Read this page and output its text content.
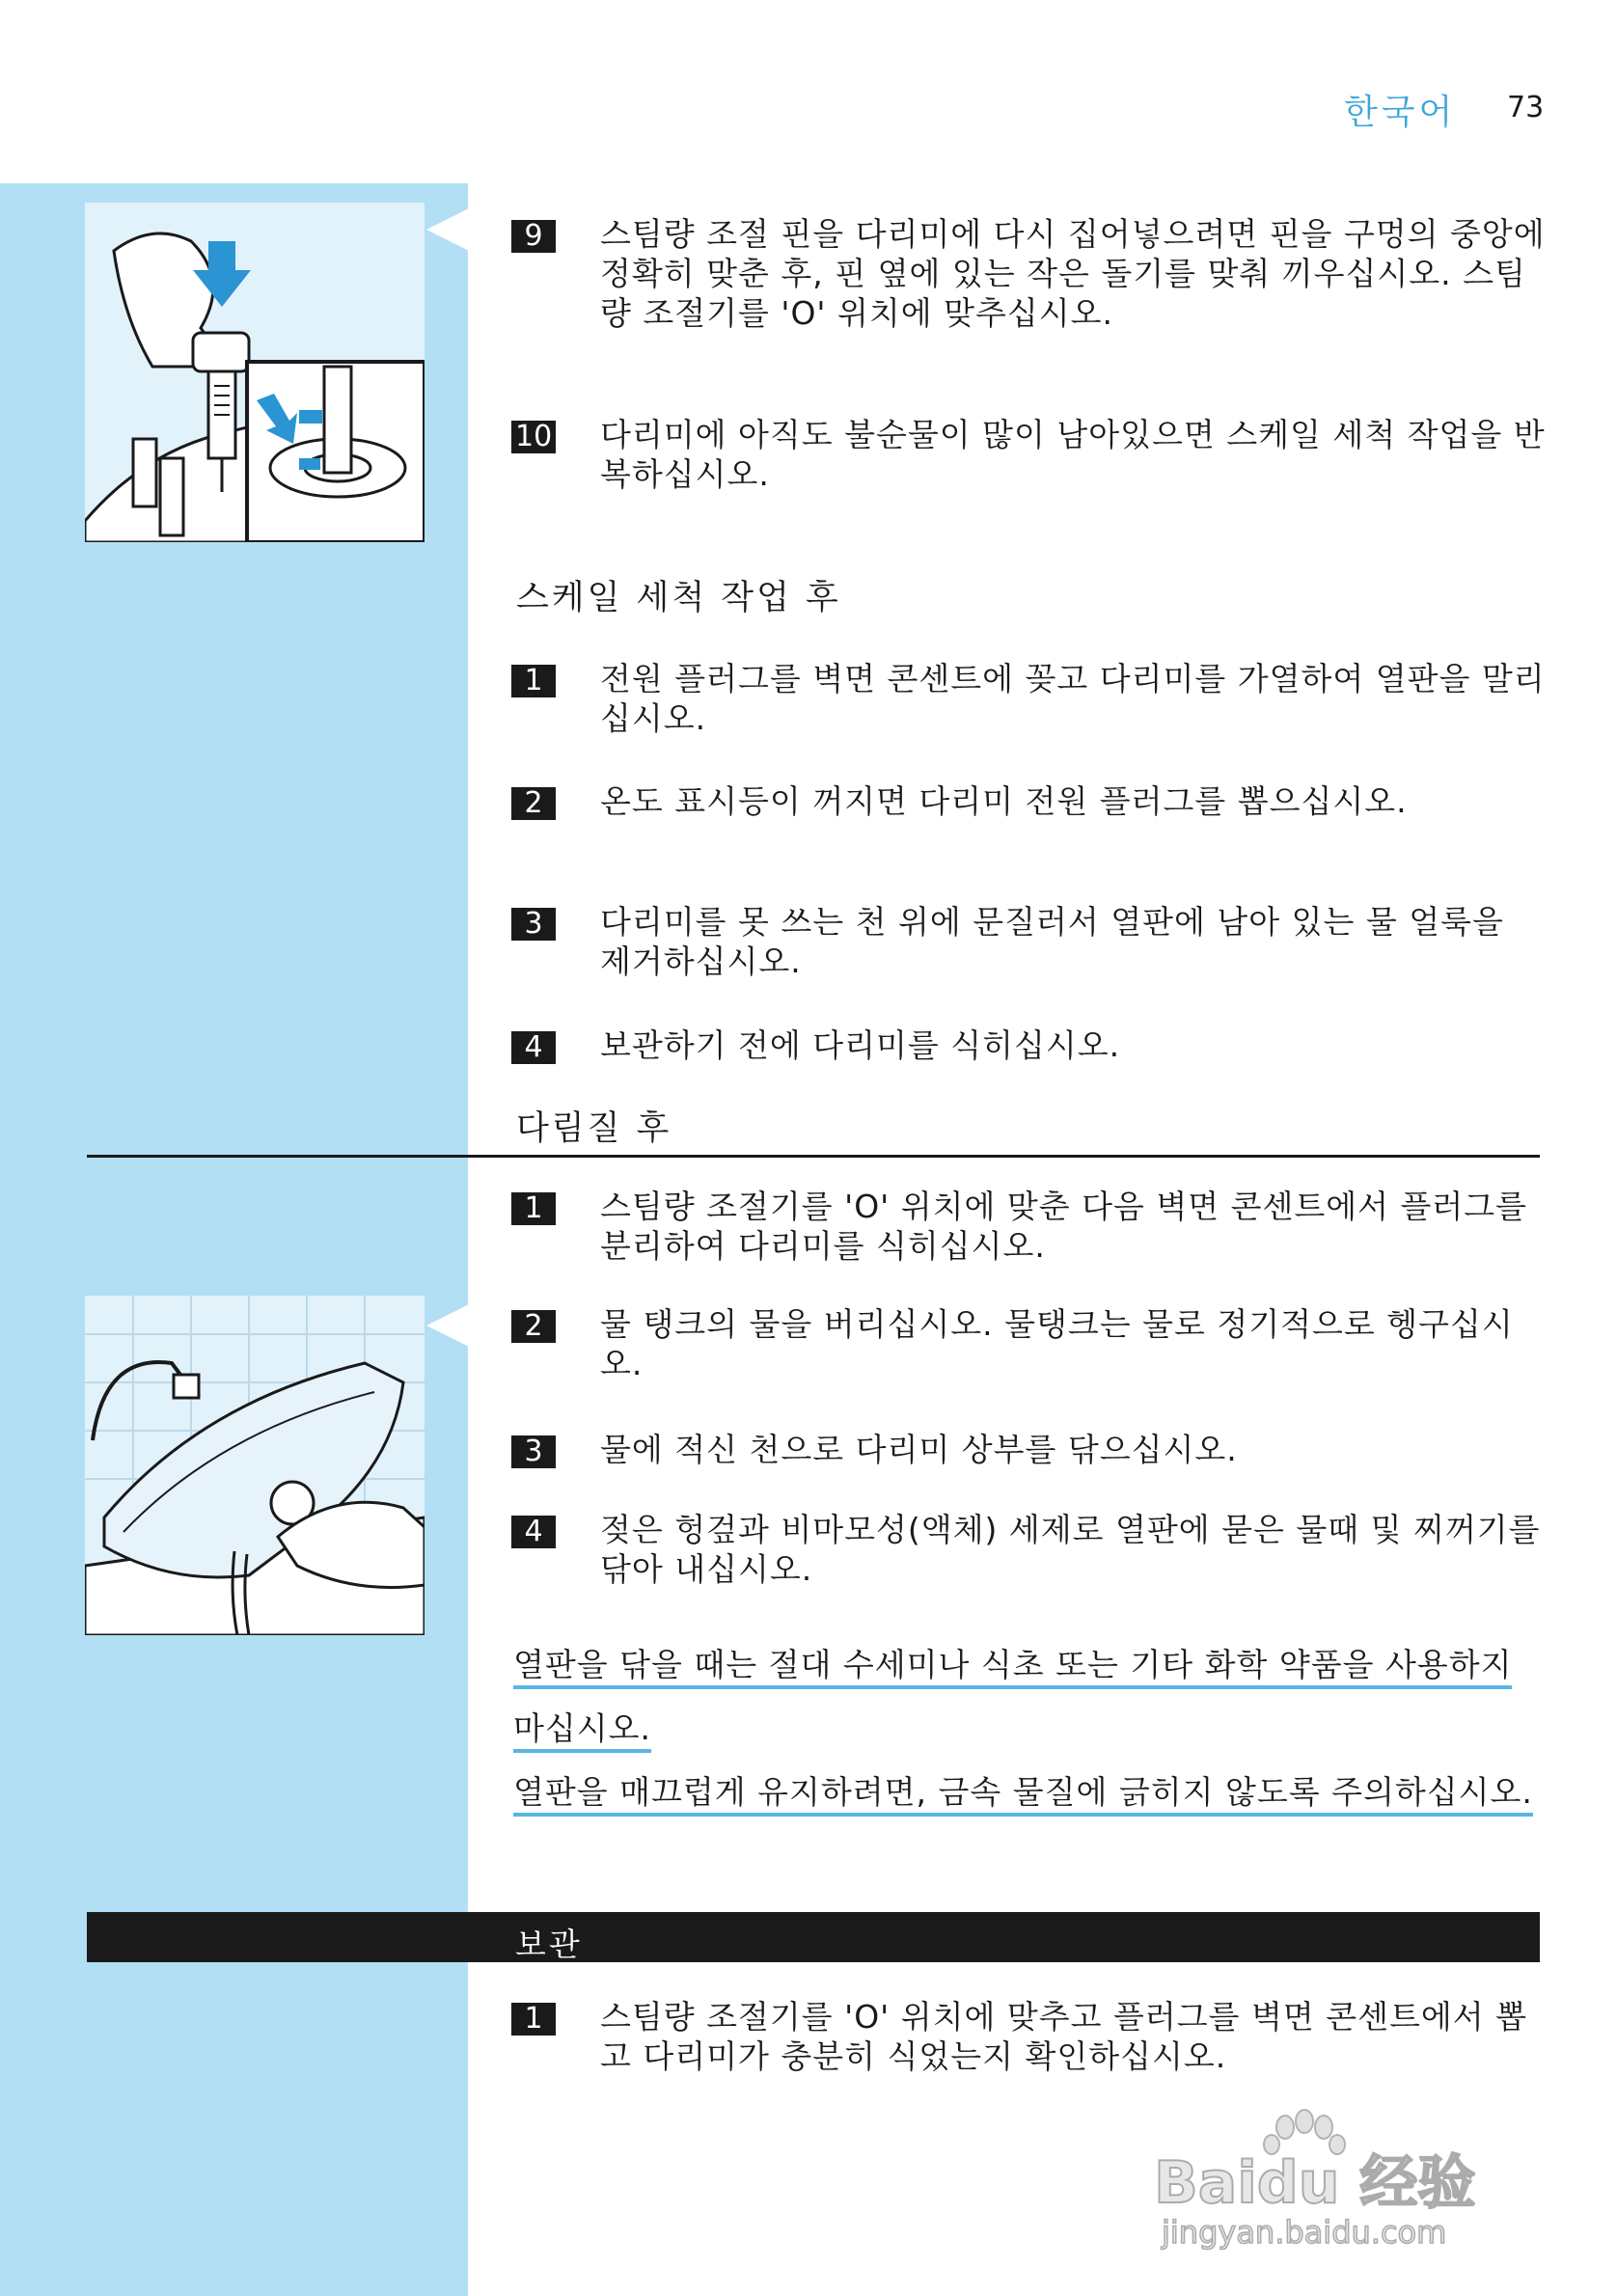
한국어 73
9	스팀량 조절 핀을 다리미에 다시 집어넣으려면 핀을 구멍의 중앙에 정확히 맞춘 후, 핀 옆에 있는 작은 돌기를 맞춰 끼우십시오. 스팀량 조절기를 'O' 위치에 맞추십시오.
10 다리미에 아직도 불순물이 많이 남아있으면 스케일 세척 작업을 반복하십시오.
스케일 세척 작업 후
1	전원 플러그를 벽면 콘센트에 꽂고 다리미를 가열하여 열판을 말리십시오.
2	온도 표시등이 꺼지면 다리미 전원 플러그를 뽑으십시오.
3	다리미를 못 쓰는 천 위에 문질러서 열판에 남아 있는 물 얼룩을 제거하십시오.
4	보관하기 전에 다리미를 식히십시오.
다림질 후
1	스팀량 조절기를 'O' 위치에 맞춘 다음 벽면 콘센트에서 플러그를 분리하여 다리미를 식히십시오.
2	물 탱크의 물을 버리십시오. 물탱크는 물로 정기적으로 헹구십시오.
3	물에 적신 천으로 다리미 상부를 닦으십시오.
4	젖은 헝겊과 비마모성(액체) 세제로 열판에 묻은 물때 및 찌꺼기를 닦아 내십시오.
열판을 닦을 때는 절대 수세미나 식초 또는 기타 화학 약품을 사용하지 마십시오.
열판을 매끄럽게 유지하려면, 금속 물질에 긁히지 않도록 주의하십시오.
보관
1	스팀량 조절기를 'O' 위치에 맞추고 플러그를 벽면 콘센트에서 뽑고 다리미가 충분히 식었는지 확인하십시오.
Baidu 经验
jingyan.baidu.com
